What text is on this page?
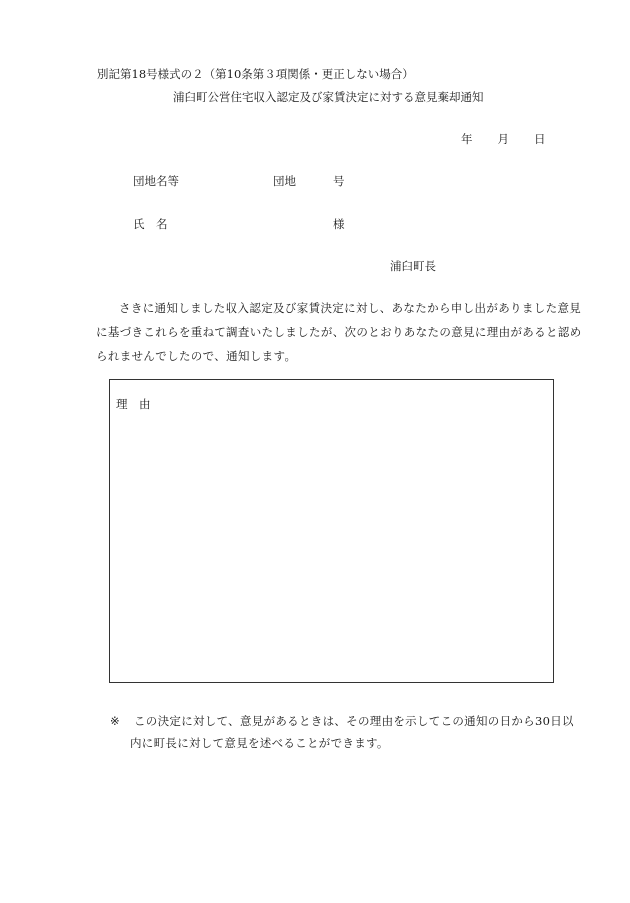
別記第18号様式の２（第10条第３項関係・更正しない場合）
浦臼町公営住宅収入認定及び家賃決定に対する意見棄却通知
年 月 日
団地名等	団地	号
氏　名	様
浦臼町長
さきに通知しました収入認定及び家賃決定に対し、あなたから申し出がありました意見に基づきこれらを重ねて調査いたしましたが、次のとおりあなたの意見に理由があると認められませんでしたので、通知します。
理　由
※	この決定に対して、意見があるときは、その理由を示してこの通知の日から30日以内に町長に対して意見を述べることができます。
